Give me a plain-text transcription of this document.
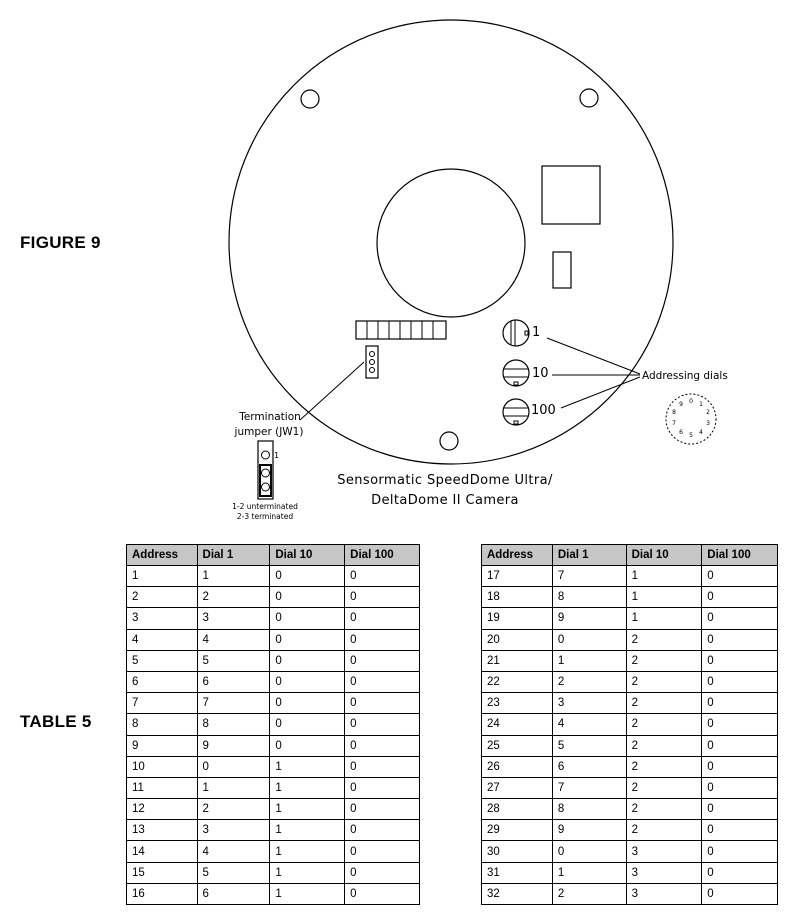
FIGURE 9
0 1
2
3
4
5
6
7
8
9
Termination
jumper (JW1)
1
1-2 unterminated
2-3 terminated
1
10
100
Addressing dials
Sensormatic SpeedDome Ultra/
DeltaDome II Camera
TABLE 5
Address	Dial 1	Dial 10	Dial 100
1	1	0	0
2	2	0	0
3	3	0	0
4	4	0	0
5	5	0	0
6	6	0	0
7	7	0	0
8	8	0	0
9	9	0	0
10	0	1	0
11	1	1	0
12	2	1	0
13	3	1	0
14	4	1	0
15	5	1	0
16	6	1	0
Address	Dial 1	Dial 10	Dial 100
17	7	1	0
18	8	1	0
19	9	1	0
20	0	2	0
21	1	2	0
22	2	2	0
23	3	2	0
24	4	2	0
25	5	2	0
26	6	2	0
27	7	2	0
28	8	2	0
29	9	2	0
30	0	3	0
31	1	3	0
32	2	3	0
